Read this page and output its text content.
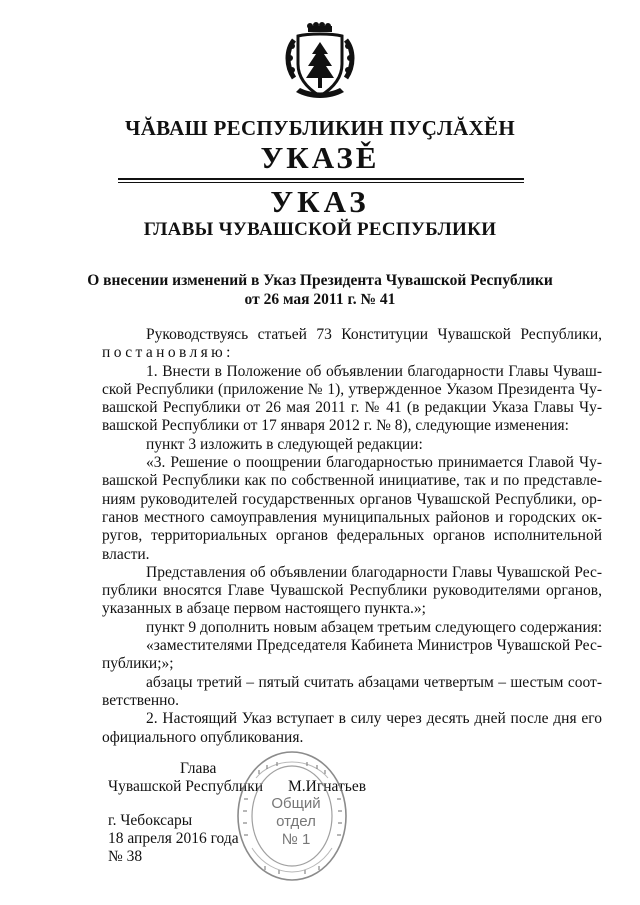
ЧĂВАШ РЕСПУБЛИКИН ПУҪЛĂХĚН
УКАЗĚ
УКАЗ
ГЛАВЫ ЧУВАШСКОЙ РЕСПУБЛИКИ
О внесении изменений в Указ Президента Чувашской Республики
от 26 мая 2011 г. № 41
Руководствуясь статьей 73 Конституции Чувашской Республики,
постановляю:
1. Внести в Положение об объявлении благодарности Главы Чуваш-
ской Республики (приложение № 1), утвержденное Указом Президента Чу-
вашской Республики от 26 мая 2011 г. № 41 (в редакции Указа Главы Чу-
вашской Республики от 17 января 2012 г. № 8), следующие изменения:
пункт 3 изложить в следующей редакции:
«3. Решение о поощрении благодарностью принимается Главой Чу-
вашской Республики как по собственной инициативе, так и по представле-
ниям руководителей государственных органов Чувашской Республики, ор-
ганов местного самоуправления муниципальных районов и городских ок-
ругов, территориальных органов федеральных органов исполнительной
власти.
Представления об объявлении благодарности Главы Чувашской Рес-
публики вносятся Главе Чувашской Республики руководителями органов,
указанных в абзаце первом настоящего пункта.»;
пункт 9 дополнить новым абзацем третьим следующего содержания:
«заместителями Председателя Кабинета Министров Чувашской Рес-
публики;»;
абзацы третий – пятый считать абзацами четвертым – шестым соот-
ветственно.
2. Настоящий Указ вступает в силу через десять дней после дня его
официального опубликования.
Глава
Чувашской Республики М.Игнатьев
г. Чебоксары
18 апреля 2016 года
№ 38
Общий
отдел
№ 1
